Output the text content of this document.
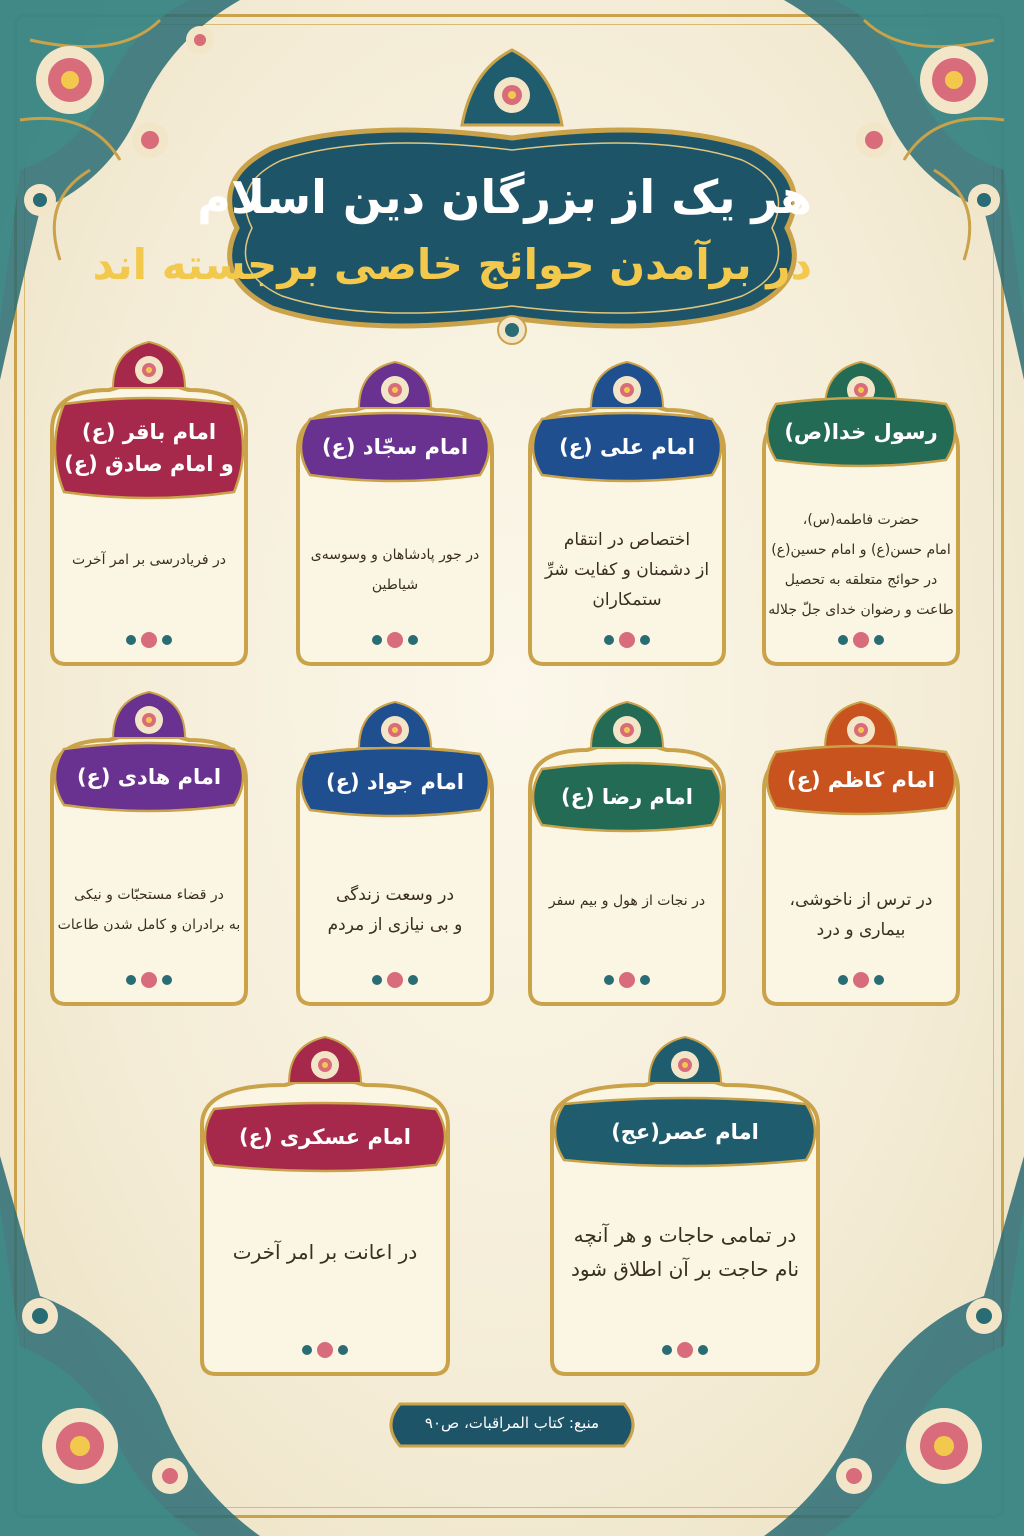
هر یک از بزرگان دین اسلام
در برآمدن حوائج خاصی برجسته اند
رسول خدا(ص)
حضرت فاطمه(س)،
امام حسن(ع) و امام حسین(ع)
در حوائج متعلقه به تحصیل
طاعت و رضوان خدای جلّ جلاله
امام علی (ع)
اختصاص در انتقام
از دشمنان و کفایت شرِّ
ستمکاران
امام سجّاد (ع)
در جور پادشاهان و وسوسه‌ی
شیاطین
امام باقر (ع)
و امام صادق (ع)
در فریادرسی بر امر آخرت
امام کاظم (ع)
در ترس از ناخوشی،
بیماری و درد
امام رضا (ع)
در نجات از هول و بیم سفر
امام جواد (ع)
در وسعت زندگی
و بی نیازی از مردم
امام هادی (ع)
در قضاء مستحبّات و نیکی
به برادران و کامل شدن طاعات
امام عصر(عج)
در تمامی حاجات و هر آنچه
نام حاجت بر آن اطلاق شود
امام عسکری (ع)
در اعانت بر امر آخرت
منبع: کتاب المراقبات، ص۹۰
